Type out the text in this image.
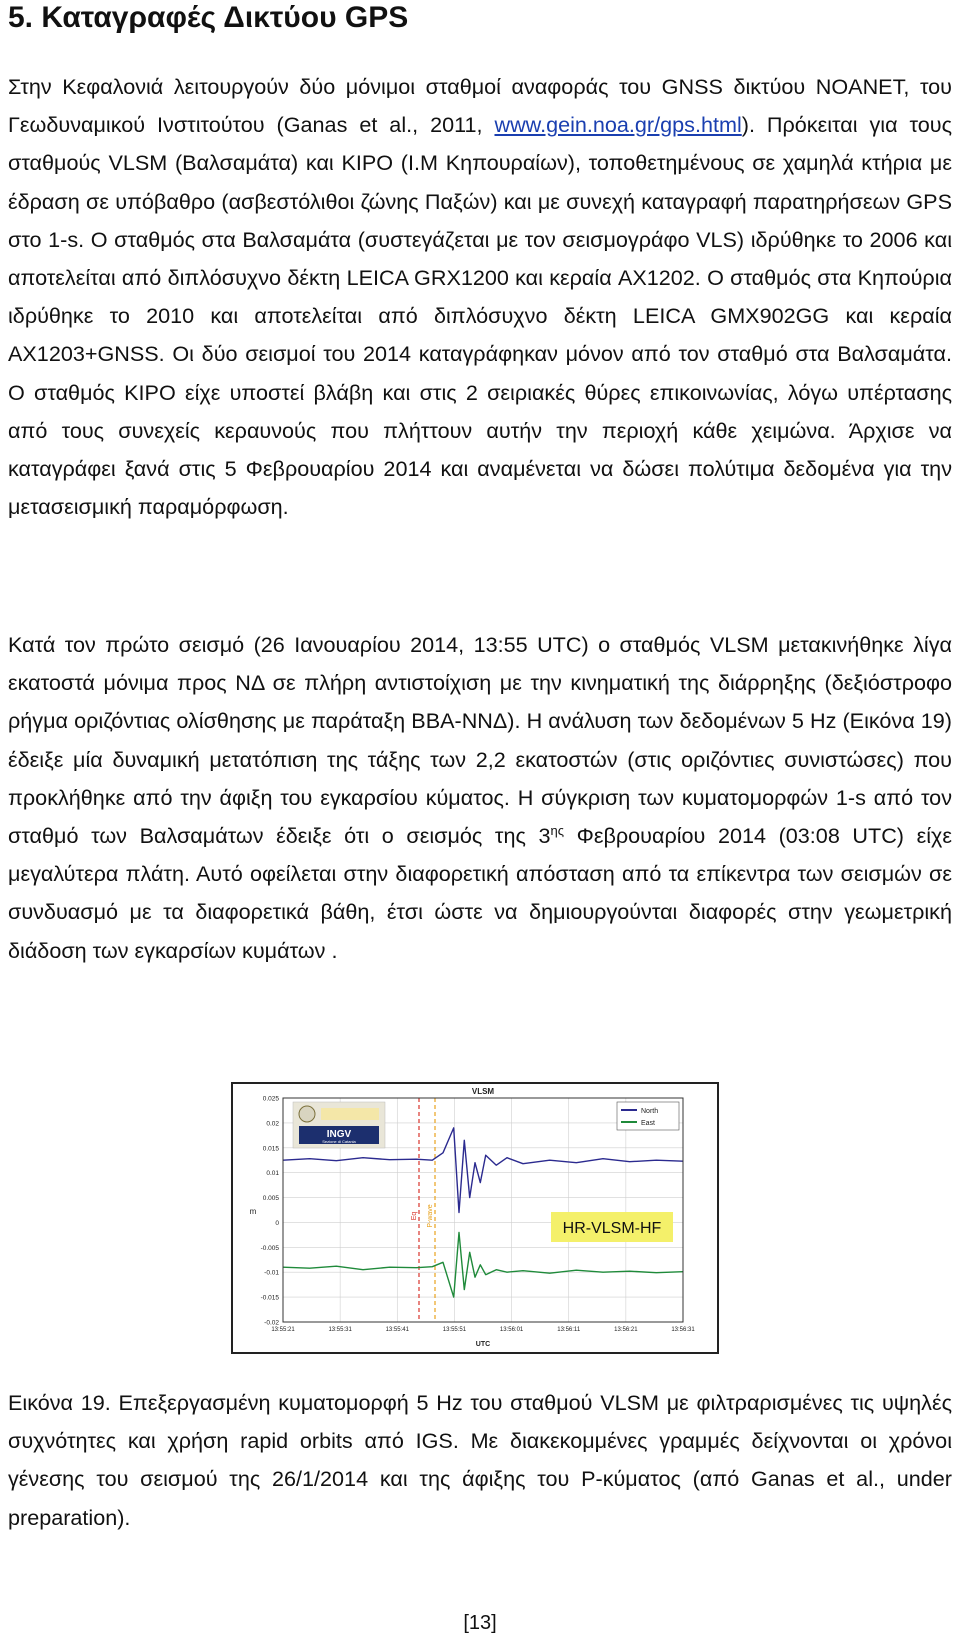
5. Καταγραφές Δικτύου GPS

Στην Κεφαλονιά λειτουργούν δύο μόνιμοι σταθμοί αναφοράς του GNSS δικτύου NOANET, του Γεωδυναμικού Ινστιτούτου (Ganas et al., 2011, www.gein.noa.gr/gps.html). Πρόκειται για τους σταθμούς VLSM (Βαλσαμάτα) και KIPO (I.M Κηπουραίων), τοποθετημένους σε χαμηλά κτήρια με έδραση σε υπόβαθρο (ασβεστόλιθοι ζώνης Παξών) και με συνεχή καταγραφή παρατηρήσεων GPS στο 1-s. Ο σταθμός στα Βαλσαμάτα (συστεγάζεται με τον σεισμογράφο VLS) ιδρύθηκε το 2006 και αποτελείται από διπλόσυχνο δέκτη LEICA GRX1200 και κεραία AX1202. Ο σταθμός στα Κηπούρια ιδρύθηκε το 2010 και αποτελείται από διπλόσυχνο δέκτη LEICA GMX902GG και κεραία AX1203+GNSS. Οι δύο σεισμοί του 2014 καταγράφηκαν μόνον από τον σταθμό στα Βαλσαμάτα. Ο σταθμός KIPO είχε υποστεί βλάβη και στις 2 σειριακές θύρες επικοινωνίας, λόγω υπέρτασης από τους συνεχείς κεραυνούς που πλήττουν αυτήν την περιοχή κάθε χειμώνα. Άρχισε να καταγράφει ξανά στις 5 Φεβρουαρίου 2014 και αναμένεται να δώσει πολύτιμα δεδομένα για την μετασεισμική παραμόρφωση.

Κατά τον πρώτο σεισμό (26 Ιανουαρίου 2014, 13:55 UTC) ο σταθμός VLSM μετακινήθηκε λίγα εκατοστά μόνιμα προς ΝΔ σε πλήρη αντιστοίχιση με την κινηματική της διάρρηξης (δεξιόστροφο ρήγμα οριζόντιας ολίσθησης με παράταξη ΒΒΑ-ΝΝΔ). Η ανάλυση των δεδομένων 5 Hz (Εικόνα 19) έδειξε μία δυναμική μετατόπιση της τάξης των 2,2 εκατοστών (στις οριζόντιες συνιστώσες) που προκλήθηκε από την άφιξη του εγκαρσίου κύματος. Η σύγκριση των κυματομορφών 1-s από τον σταθμό των Βαλσαμάτων έδειξε ότι ο σεισμός της $3^{\eta\varsigma}$ Φεβρουαρίου 2014 (03:08 UTC) είχε μεγαλύτερα πλάτη. Αυτό οφείλεται στην διαφορετική απόσταση από τα επίκεντρα των σεισμών σε συνδυασμό με τα διαφορετικά βάθη, έτσι ώστε να δημιουργούνται διαφορές στην γεωμετρική διάδοση των εγκαρσίων κυμάτων .

-0.02
-0.015
-0.01
-0.005
0
0.005
0.01
0.015
0.02
0.025
13:55:21	13:55:31	13:55:41	13:55:51	13:56:01	13:56:11	13:56:21	13:56:31
Eq P-wave
VLSM
m
UTC
INGV
Sezione di Catania
North
East
HR-VLSM-HF

Εικόνα 19. Επεξεργασμένη κυματομορφή 5 Hz του σταθμού VLSM με φιλτραρισμένες τις υψηλές συχνότητες και χρήση rapid orbits από IGS. Με διακεκομμένες γραμμές δείχνονται οι χρόνοι γένεσης του σεισμού της 26/1/2014 και της άφιξης του P-κύματος (από Ganas et al., under preparation).

[13]
